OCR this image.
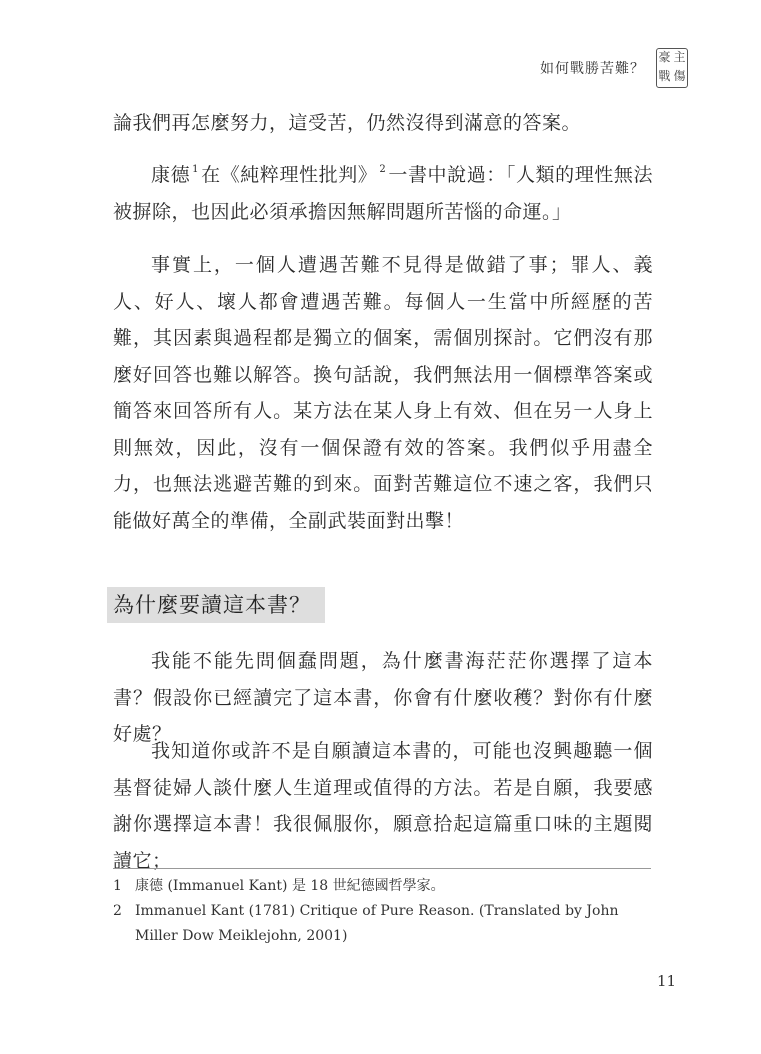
如何戰勝苦難？
豪 主
戰 傷

論我們再怎麼努力，這受苦，仍然沒得到滿意的答案。

康德 $^1$ 在《純粹理性批判》 $^2$ 一書中說過：「人類的理性無法被摒除，也因此必須承擔因無解問題所苦惱的命運。」

事實上，一個人遭遇苦難不見得是做錯了事；罪人、義人、好人、壞人都會遭遇苦難。每個人一生當中所經歷的苦難，其因素與過程都是獨立的個案，需個別探討。它們沒有那麼好回答也難以解答。換句話說，我們無法用一個標準答案或簡答來回答所有人。某方法在某人身上有效、但在另一人身上則無效，因此，沒有一個保證有效的答案。我們似乎用盡全力，也無法逃避苦難的到來。面對苦難這位不速之客，我們只能做好萬全的準備，全副武裝面對出擊！

為什麼要讀這本書？

我能不能先問個蠢問題，為什麼書海茫茫你選擇了這本書？假設你已經讀完了這本書，你會有什麼收穫？對你有什麼好處？

我知道你或許不是自願讀這本書的，可能也沒興趣聽一個基督徒婦人談什麼人生道理或值得的方法。若是自願，我要感謝你選擇這本書！我很佩服你，願意拾起這篇重口味的主題閱讀它；

1 康德 (Immanuel Kant) 是 18 世紀德國哲學家。
2 Immanuel Kant (1781) Critique of Pure Reason. (Translated by John
Miller Dow Meiklejohn, 2001)
11
